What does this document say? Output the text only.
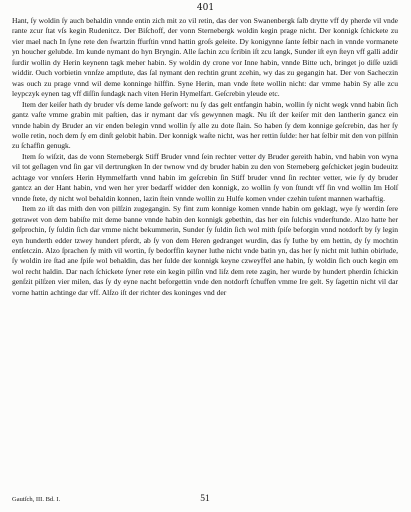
401

Hant, ſy woldin ſy auch behaldin vnnde entin zich mit zo vil retin, das der von Swanenbergk ſalb drytte vff dy pherde vil vnde rante zcur ſtat vſs kegin Rudenitcz. Der Biſchoff, der vonn Sternebergk woldin kegin prage nicht. Der konnigk ſchickete zu vier mael nach In ſyne rete den ſwartzin ffurſtin vnnd hattin groſs geleite. Dy konigynne ſante ſelbir nach in vnnde vormanete yn houcher gelubde. Im kunde nymant do hyn Bryngin. Alle ſachin zcu ſcribin iſt zcu langk, Sunder iſt eyn ſteyn vff galli addir ſurdir wollin dy Herin keynenn tagk meher habin. Sy woldin dy crone vor Inne habin, vnnde Bitte uch, bringet jo diſſe uzidi widdir. Ouch vorbietin vnnſze amptlute, das ſal nymant den rechtin grunt zcehin, wy das zu gegangin hat. Der von Sacheczin was ouch zu prage vnnd wil deme konninge hilffin. Syne Herin, man vnde ſtete wollin nicht: dar vmme habin Sy alle zcu leypczyk eynen tag vff diſſin ſundagk nach viten Herin Hymelfart. Geſcrebin yleude etc.

Item der keiſer hath dy bruder vſs deme lande geſwort: nu ſy das gelt entfangin habin, wollin ſy nicht wegk vnnd habin ſich gantz vaſte vmme grabin mit paſtien, das ir nymant dar vſs gewynnen magk. Nu iſt der keiſer mit den lantherin gancz ein vnnde habin dy Bruder an vir enden belegin vnnd wollin ſy alle zu dote ſlain. So haben ſy dem konnige geſcrebin, das her ſy wolle retin, noch dem ſy em dinſt gelobit habin. Der konnigk waſte nicht, was her rettin ſulde: her hat ſelbir mit den von pilſnin zu ſchaffin genugk.

Item ſo wiſzit, das de vonn Sternebergk Stiff Bruder vnnd ſein rechter vetter dy Bruder gereith habin, vnd habin von wyna vil tot geſlagen vnd ſin gar vil dertrungken In der twnow vnd dy bruder habin zu den von Sterneberg geſchicket jegin budeuitz achtage vor vnnſers Herin Hymmelfarth vnnd habin im geſcrebin ſin Stiff bruder vnnd ſin rechter vetter, wie ſy dy bruder gantcz an der Hant habin, vnd wen her yrer bedarff widder den konnigk, zo wollin ſy von ſtundt vff ſin vnd wollin Im Holſ vnnde ſtete, dy nicht wol behaldin konnen, lazin ſtein vnnde wollin zu Hulfe komen vnder czehin tuſent mannen warhaftig.

Item zo iſt das mith den von pilſzin zugegangin. Sy fint zum konnige komen vnnde habin om geklagt, wye ſy werdin ſere getrawet von dem babiſte mit deme banne vnnde habin den konnigk gebethin, das her ein ſulchis vnderſtunde. Alzo hatte her geſprochin, ſy ſuldin ſich dar vmme nicht bekummerin, Sunder ſy ſuldin ſich wol mith ſpiſe beforgin vnnd notdorft by ſy legin eyn hunderth edder tzwey hundert pferdt, ab ſy von dem Heren gedranget wurdin, das ſy Iuthe by em hettin, dy ſy mochtin entſetczin. Alzo ſprachen ſy mith vil wortin, ſy bedorffin keyner luthe nicht vnde batin yn, das her ſy nicht mit luthin obirlude, ſy woldin ire ſtad ane ſpiſe wol behaldin, das her ſulde der konnigk keyne czweyffel ane habin, ſy woldin ſich ouch kegin em wol recht haldin. Dar nach ſchickete ſyner rete ein kegin pilſin vnd liſz dem rete zagin, her wurde by hundert pherdin ſchickin genſzit pilſzen vier milen, das ſy dy eyne nacht beforgettin vnde den notdorft ſchuffen vmme Ire gelt. Sy ſagettin nicht vil dar vorne hattin achtinge dar vff. Alſzo iſt der richter des koninges vnd der

Gautſch, III. Bd. I.	51
